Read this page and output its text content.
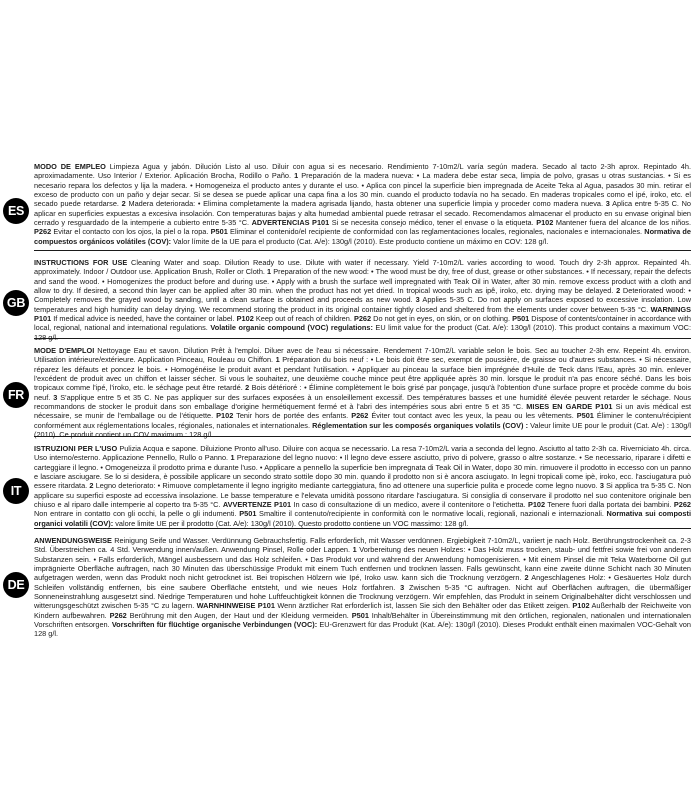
ES
MODO DE EMPLEO Limpieza Agua y jabón. Dilución Listo al uso. Diluir con agua si es necesario. Rendimiento 7-10m2/L varía según madera. Secado al tacto 2-3h aprox. Repintado 4h. aproximadamente. Uso Interior / Exterior. Aplicación Brocha, Rodillo o Paño. 1 Preparación de la madera nueva: • La madera debe estar seca, limpia de polvo, grasas u otras sustancias. • Si es necesario repara los defectos y lija la madera. • Homogeneiza el producto antes y durante el uso. • Aplica con pincel la superficie bien impregnada de Aceite Teka al Agua, pasados 30 min. retirar el exceso de producto con un paño y dejar secar. Si se desea se puede aplicar una capa fina a los 30 min. cuando el producto todavía no ha secado. En maderas tropicales como el ipé, iroko, etc. el secado puede retardarse. 2 Madera deteriorada: • Elimina completamente la madera agrisada lijando, hasta obtener una superficie limpia y proceder como madera nueva. 3 Aplica entre 5-35 C. No aplicar en superficies expuestas a excesiva insolación. Con temperaturas bajas y alta humedad ambiental puede retrasar el secado. Recomendamos almacenar el producto en su envase original bien cerrado y resguardado de la intemperie a cubierto entre 5-35 °C. ADVERTENCIAS P101 Si se necesita consejo médico, tener el envase o la etiqueta. P102 Mantener fuera del alcance de los niños. P262 Evitar el contacto con los ojos, la piel o la ropa. P501 Eliminar el contenido/el recipiente de conformidad con las reglamentaciones locales, regionales, nacionales e internacionales. Normativa de compuestos orgánicos volátiles (COV): Valor límite de la UE para el producto (Cat. A/e): 130g/l (2010). Este producto contiene un máximo en COV: 128 g/l.
GB
INSTRUCTIONS FOR USE Cleaning Water and soap. Dilution Ready to use. Dilute with water if necessary. Yield 7-10m2/L varies according to wood. Touch dry 2-3h approx. Repainted 4h. approximately. Indoor / Outdoor use. Application Brush, Roller or Cloth. 1 Preparation of the new wood: • The wood must be dry, free of dust, grease or other substances. • If necessary, repair the defects and sand the wood. • Homogenizes the product before and during use. • Apply with a brush the surface well impregnated with Teak Oil in Water, after 30 min. remove excess product with a cloth and allow to dry. If desired, a second thin layer can be applied after 30 min. when the product has not yet dried. In tropical woods such as ipê, iroko, etc. drying may be delayed. 2 Deteriorated wood: • Completely removes the grayed wood by sanding, until a clean surface is obtained and proceeds as new wood. 3 Applies 5-35 C. Do not apply on surfaces exposed to excessive insolation. Low temperatures and high humidity can delay drying. We recommend storing the product in its original container tightly closed and sheltered from the elements under cover between 5-35 °C. WARNINGS P101 If medical advice is needed, have the container or label. P102 Keep out of reach of children. P262 Do not get in eyes, on skin, or on clothing. P501 Dispose of contents/container in accordance with local, regional, national and international regulations. Volatile organic compound (VOC) regulations: EU limit value for the product (Cat. A/e): 130g/l (2010). This product contains a maximum VOC: 128 g/l.
FR
MODE D'EMPLOI Nettoyage Eau et savon. Dilution Prêt à l'emploi. Diluer avec de l'eau si nécessaire. Rendement 7-10m2/L variable selon le bois. Sec au toucher 2-3h env. Repeint 4h. environ. Utilisation intérieure/extérieure. Application Pinceau, Rouleau ou Chiffon. 1 Préparation du bois neuf : • Le bois doit être sec, exempt de poussière, de graisse ou d'autres substances. • Si nécessaire, réparez les défauts et poncez le bois. • Homogénéise le produit avant et pendant l'utilisation. • Appliquer au pinceau la surface bien imprégnée d'Huile de Teck dans l'Eau, après 30 min. enlever l'excédent de produit avec un chiffon et laisser sécher. Si vous le souhaitez, une deuxième couche mince peut être appliquée après 30 min. lorsque le produit n'a pas encore séché. Dans les bois tropicaux comme l'ipé, l'iroko, etc. le séchage peut être retardé. 2 Bois détérioré : • Élimine complètement le bois grisé par ponçage, jusqu'à l'obtention d'une surface propre et procède comme du bois neuf. 3 S'applique entre 5 et 35 C. Ne pas appliquer sur des surfaces exposées à un ensoleillement excessif. Des températures basses et une humidité élevée peuvent retarder le séchage. Nous recommandons de stocker le produit dans son emballage d'origine hermétiquement fermé et à l'abri des intempéries sous abri entre 5 et 35 °C. MISES EN GARDE P101 Si un avis médical est nécessaire, se munir de l'emballage ou de l'étiquette. P102 Tenir hors de portée des enfants. P262 Éviter tout contact avec les yeux, la peau ou les vêtements. P501 Éliminer le contenu/récipient conformément aux réglementations locales, régionales, nationales et internationales. Réglementation sur les composés organiques volatils (COV) : Valeur limite UE pour le produit (Cat. A/e) : 130g/l (2010). Ce produit contient un COV maximum : 128 g/l.
IT
ISTRUZIONI PER L'USO Pulizia Acqua e sapone. Diluizione Pronto all'uso. Diluire con acqua se necessario. La resa 7-10m2/L varia a seconda del legno. Asciutto al tatto 2-3h ca. Riverniciato 4h. circa. Uso interno/esterno. Applicazione Pennello, Rullo o Panno. 1 Preparazione del legno nuovo: • Il legno deve essere asciutto, privo di polvere, grasso o altre sostanze. • Se necessario, riparare i difetti e carteggiare il legno. • Omogeneizza il prodotto prima e durante l'uso. • Applicare a pennello la superficie ben impregnata di Teak Oil in Water, dopo 30 min. rimuovere il prodotto in eccesso con un panno e lasciare asciugare. Se lo si desidera, è possibile applicare un secondo strato sottile dopo 30 min. quando il prodotto non si è ancora asciugato. In legni tropicali come ipè, iroko, ecc. l'asciugatura può essere ritardata. 2 Legno deteriorato: • Rimuove completamente il legno ingrigito mediante carteggiatura, fino ad ottenere una superficie pulita e procede come legno nuovo. 3 Si applica tra 5-35 C. Non applicare su superfici esposte ad eccessiva insolazione. Le basse temperature e l'elevata umidità possono ritardare l'asciugatura. Si consiglia di conservare il prodotto nel suo contenitore originale ben chiuso e al riparo dalle intemperie al coperto tra 5-35 °C. AVVERTENZE P101 In caso di consultazione di un medico, avere il contenitore o l'etichetta. P102 Tenere fuori dalla portata dei bambini. P262 Non entrare in contatto con gli occhi, la pelle o gli indumenti. P501 Smaltire il contenuto/recipiente in conformità con le normative locali, regionali, nazionali e internazionali. Normativa sui composti organici volatili (COV): valore limite UE per il prodotto (Cat. A/e): 130g/l (2010). Questo prodotto contiene un VOC massimo: 128 g/l.
DE
ANWENDUNGSWEISE Reinigung Seife und Wasser. Verdünnung Gebrauchsfertig. Falls erforderlich, mit Wasser verdünnen. Ergiebigkeit 7-10m2/L, variiert je nach Holz. Berührungstrockenheit ca. 2-3 Std. Überstreichen ca. 4 Std. Verwendung innen/außen. Anwendung Pinsel, Rolle oder Lappen. 1 Vorbereitung des neuen Holzes: • Das Holz muss trocken, staub- und fettfrei sowie frei von anderen Substanzen sein. • Falls erforderlich, Mängel ausbessern und das Holz schleifen. • Das Produkt vor und während der Anwendung homogenisieren. • Mit einem Pinsel die mit Teka Waterborne Oil gut imprägnierte Oberfläche auftragen, nach 30 Minuten das überschüssige Produkt mit einem Tuch entfernen und trocknen lassen. Falls gewünscht, kann eine zweite dünne Schicht nach 30 Minuten aufgetragen werden, wenn das Produkt noch nicht getrocknet ist. Bei tropischen Hölzern wie Ipé, Iroko usw. kann sich die Trocknung verzögern. 2 Angeschlagenes Holz: • Gesäuertes Holz durch Schleifen vollständig entfernen, bis eine saubere Oberfläche entsteht, und wie neues Holz fortfahren. 3 Zwischen 5-35 °C auftragen. Nicht auf Oberflächen auftragen, die übermäßiger Sonneneinstrahlung ausgesetzt sind. Niedrige Temperaturen und hohe Luftfeuchtigkeit können die Trocknung verzögern. Wir empfehlen, das Produkt in seinem Originalbehälter dicht verschlossen und witterungsgeschützt zwischen 5-35 °C zu lagern. WARNHINWEISE P101 Wenn ärztlicher Rat erforderlich ist, lassen Sie sich den Behälter oder das Etikett zeigen. P102 Außerhalb der Reichweite von Kindern aufbewahren. P262 Berührung mit den Augen, der Haut und der Kleidung vermeiden. P501 Inhalt/Behälter in Übereinstimmung mit den örtlichen, regionalen, nationalen und internationalen Vorschriften entsorgen. Vorschriften für flüchtige organische Verbindungen (VOC): EU-Grenzwert für das Produkt (Kat. A/e): 130g/l (2010). Dieses Produkt enthält einen maximalen VOC-Gehalt von 128 g/l.
